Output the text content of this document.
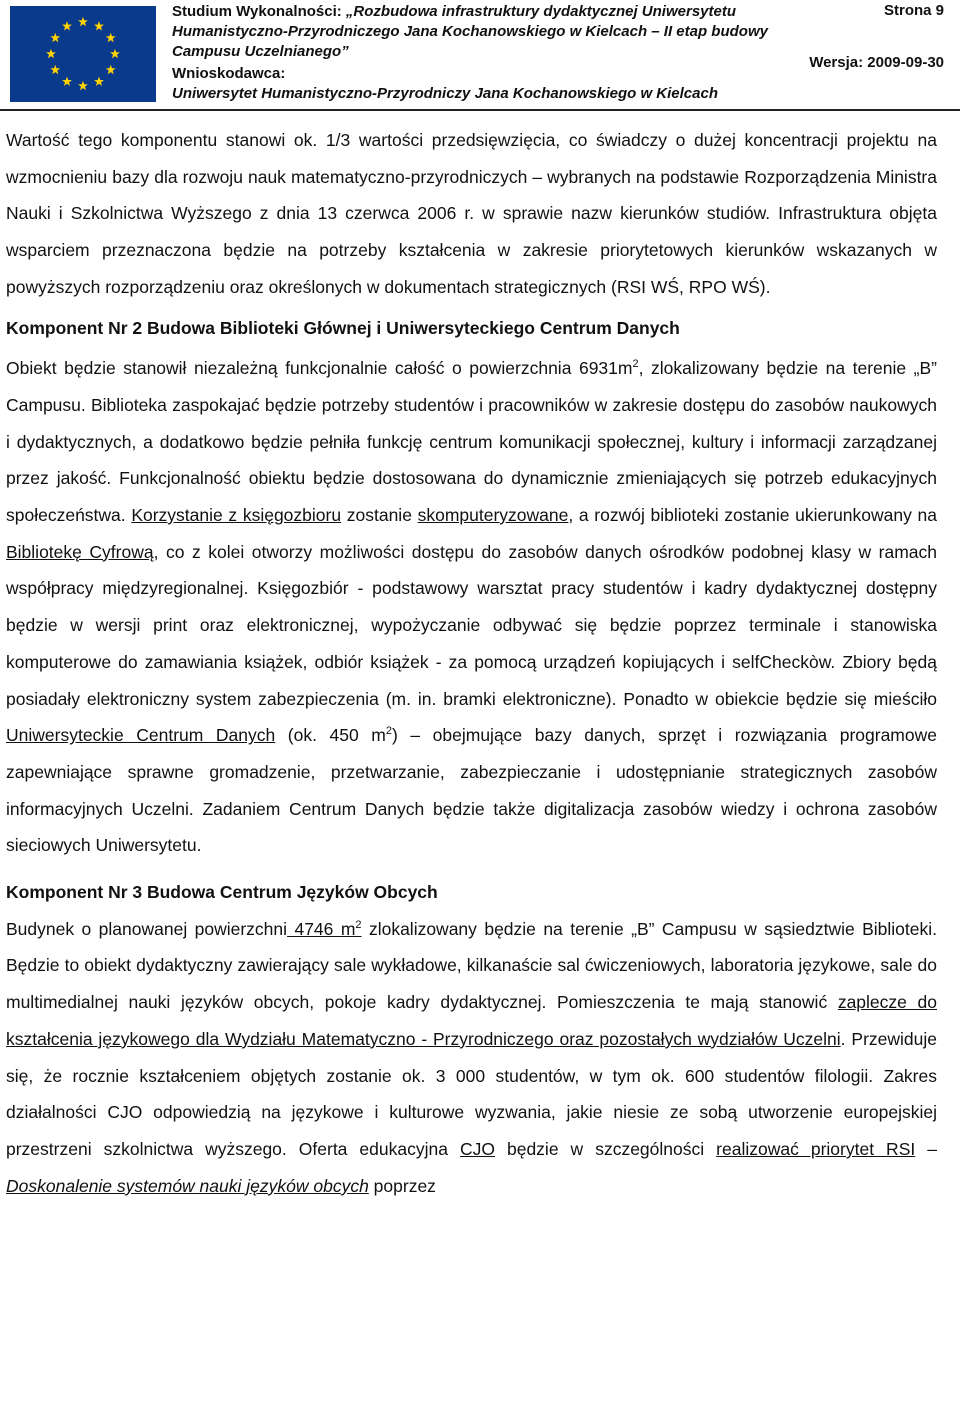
Studium Wykonalności: „Rozbudowa infrastruktury dydaktycznej Uniwersytetu
Humanistyczno-Przyrodniczego Jana Kochanowskiego w Kielcach – II etap budowy
Campusu Uczelnianego”
Wnioskodawca:
Uniwersytet Humanistyczno-Przyrodniczy Jana Kochanowskiego w Kielcach
Strona 9
Wersja: 2009-09-30

Wartość tego komponentu stanowi ok. 1/3 wartości przedsięwzięcia, co świadczy o dużej koncentracji projektu na wzmocnieniu bazy dla rozwoju nauk matematyczno-przyrodniczych – wybranych na podstawie Rozporządzenia Ministra Nauki i Szkolnictwa Wyższego z dnia 13 czerwca 2006 r. w sprawie nazw kierunków studiów. Infrastruktura objęta wsparciem przeznaczona będzie na potrzeby kształcenia w zakresie priorytetowych kierunków wskazanych w powyższych rozporządzeniu oraz określonych w dokumentach strategicznych (RSI WŚ, RPO WŚ).

Komponent Nr 2 Budowa Biblioteki Głównej i Uniwersyteckiego Centrum Danych

Obiekt będzie stanowił niezależną funkcjonalnie całość o powierzchnia $6931m^2$, zlokalizowany będzie na terenie „B” Campusu. Biblioteka zaspokajać będzie potrzeby studentów i pracowników w zakresie dostępu do zasobów naukowych i dydaktycznych, a dodatkowo będzie pełniła funkcję centrum komunikacji społecznej, kultury i informacji zarządzanej przez jakość. Funkcjonalność obiektu będzie dostosowana do dynamicznie zmieniających się potrzeb edukacyjnych społeczeństwa. Korzystanie z księgozbioru zostanie skomputeryzowane, a rozwój biblioteki zostanie ukierunkowany na Bibliotekę Cyfrową, co z kolei otworzy możliwości dostępu do zasobów danych ośrodków podobnej klasy w ramach współpracy międzyregionalnej. Księgozbiór - podstawowy warsztat pracy studentów i kadry dydaktycznej dostępny będzie w wersji print oraz elektronicznej, wypożyczanie odbywać się będzie poprzez terminale i stanowiska komputerowe do zamawiania książek, odbiór książek - za pomocą urządzeń kopiujących i selfCheckòw. Zbiory będą posiadały elektroniczny system zabezpieczenia (m. in. bramki elektroniczne). Ponadto w obiekcie będzie się mieściło Uniwersyteckie Centrum Danych (ok. 450 $m^2$) – obejmujące bazy danych, sprzęt i rozwiązania programowe zapewniające sprawne gromadzenie, przetwarzanie, zabezpieczanie i udostępnianie strategicznych zasobów informacyjnych Uczelni. Zadaniem Centrum Danych będzie także digitalizacja zasobów wiedzy i ochrona zasobów sieciowych Uniwersytetu.

Komponent Nr 3 Budowa Centrum Języków Obcych

Budynek o planowanej powierzchni 4746 $m^2$ zlokalizowany będzie na terenie „B” Campusu w sąsiedztwie Biblioteki. Będzie to obiekt dydaktyczny zawierający sale wykładowe, kilkanaście sal ćwiczeniowych, laboratoria językowe, sale do multimedialnej nauki języków obcych, pokoje kadry dydaktycznej. Pomieszczenia te mają stanowić zaplecze do kształcenia językowego dla Wydziału Matematyczno - Przyrodniczego oraz pozostałych wydziałów Uczelni. Przewiduje się, że rocznie kształceniem objętych zostanie ok. 3 000 studentów, w tym ok. 600 studentów filologii. Zakres działalności CJO odpowiedzią na językowe i kulturowe wyzwania, jakie niesie ze sobą utworzenie europejskiej przestrzeni szkolnictwa wyższego. Oferta edukacyjna CJO będzie w szczególności realizować priorytet RSI – Doskonalenie systemów nauki języków obcych poprzez
